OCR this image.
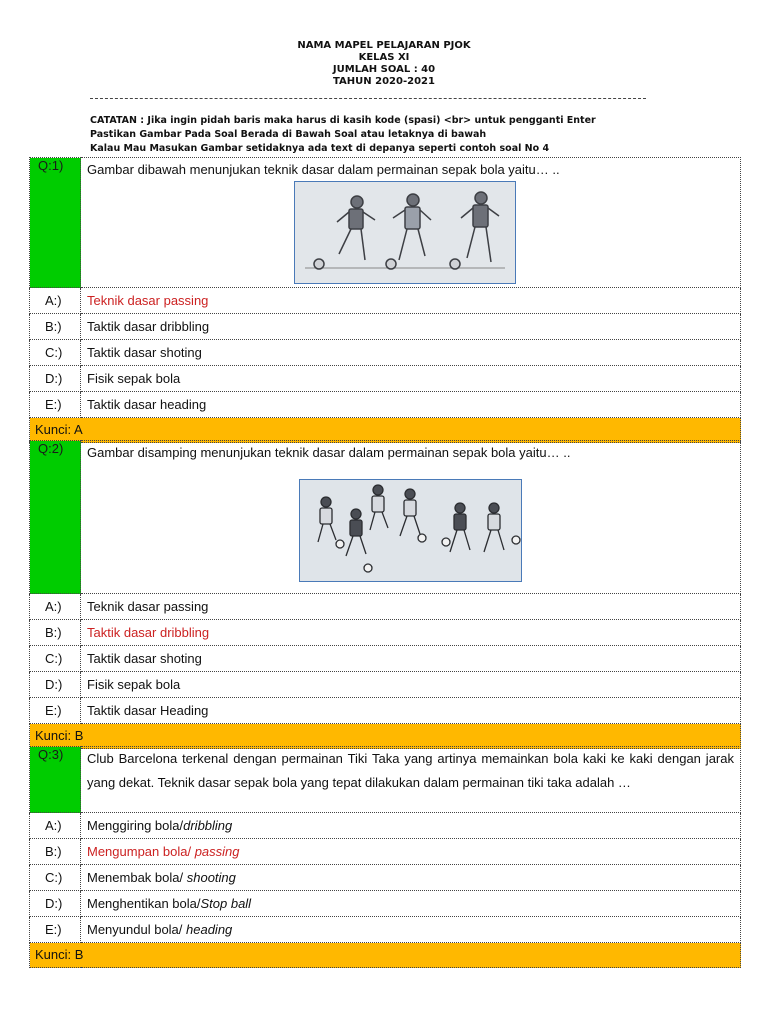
NAMA MAPEL PELAJARAN PJOK
KELAS XI
JUMLAH SOAL : 40
TAHUN 2020-2021
CATATAN : Jika ingin pidah baris maka harus di kasih kode (spasi) <br> untuk pengganti Enter
Pastikan Gambar Pada Soal Berada di Bawah Soal atau letaknya di bawah
Kalau Mau Masukan Gambar setidaknya ada text di depanya seperti contoh soal No 4
Q:1)	Gambar dibawah menunjukan teknik dasar dalam permainan sepak bola yaitu… ..
A:)	Teknik dasar passing
B:)	Taktik dasar dribbling
C:)	Taktik dasar shoting
D:)	Fisik sepak bola
E:)	Taktik dasar heading
Kunci: A	
Q:2)	Gambar disamping menunjukan teknik dasar dalam permainan sepak bola yaitu… ..
A:)	Teknik dasar passing
B:)	Taktik dasar dribbling
C:)	Taktik dasar shoting
D:)	Fisik sepak bola
E:)	Taktik dasar Heading
Kunci: B	
Q:3)	Club Barcelona terkenal dengan permainan Tiki Taka yang artinya memainkan bola kaki ke kaki dengan jarak yang dekat. Teknik dasar sepak bola yang tepat dilakukan dalam permainan tiki taka adalah …
A:)	Menggiring bola/dribbling
B:)	Mengumpan bola/ passing
C:)	Menembak bola/ shooting
D:)	Menghentikan bola/Stop ball
E:)	Menyundul bola/ heading
Kunci: B	
